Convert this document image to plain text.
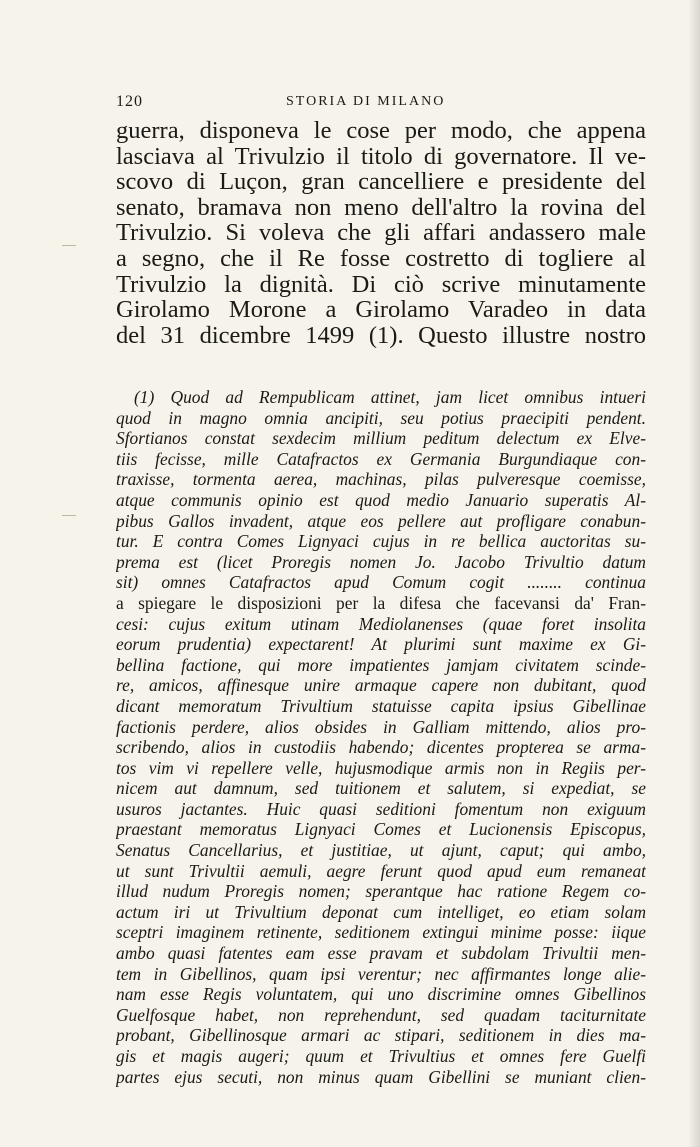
120	STORIA DI MILANO
guerra, disponeva le cose per modo, che appena
lasciava al Trivulzio il titolo di governatore. Il ve-
scovo di Luçon, gran cancelliere e presidente del
senato, bramava non meno dell'altro la rovina del
Trivulzio. Si voleva che gli affari andassero male
a segno, che il Re fosse costretto di togliere al
Trivulzio la dignità. Di ciò scrive minutamente
Girolamo Morone a Girolamo Varadeo in data
del 31 dicembre 1499 (1). Questo illustre nostro
(1) Quod ad Rempublicam attinet, jam licet omnibus intueri
quod in magno omnia ancipiti, seu potius praecipiti pendent.
Sfortianos constat sexdecim millium peditum delectum ex Elve-
tiis fecisse, mille Catafractos ex Germania Burgundiaque con-
traxisse, tormenta aerea, machinas, pilas pulveresque coemisse,
atque communis opinio est quod medio Januario superatis Al-
pibus Gallos invadent, atque eos pellere aut profligare conabun-
tur. E contra Comes Lignyaci cujus in re bellica auctoritas su-
prema est (licet Proregis nomen Jo. Jacobo Trivultio datum
sit) omnes Catafractos apud Comum cogit ........ continua
a spiegare le disposizioni per la difesa che facevansi da' Fran-
cesi: cujus exitum utinam Mediolanenses (quae foret insolita
eorum prudentia) expectarent! At plurimi sunt maxime ex Gi-
bellina factione, qui more impatientes jamjam civitatem scinde-
re, amicos, affinesque unire armaque capere non dubitant, quod
dicant memoratum Trivultium statuisse capita ipsius Gibellinae
factionis perdere, alios obsides in Galliam mittendo, alios pro-
scribendo, alios in custodiis habendo; dicentes propterea se arma-
tos vim vi repellere velle, hujusmodique armis non in Regiis per-
nicem aut damnum, sed tuitionem et salutem, si expediat, se
usuros jactantes. Huic quasi seditioni fomentum non exiguum
praestant memoratus Lignyaci Comes et Lucionensis Episcopus,
Senatus Cancellarius, et justitiae, ut ajunt, caput; qui ambo,
ut sunt Trivultii aemuli, aegre ferunt quod apud eum remaneat
illud nudum Proregis nomen; sperantque hac ratione Regem co-
actum iri ut Trivultium deponat cum intelliget, eo etiam solam
sceptri imaginem retinente, seditionem extingui minime posse: iique
ambo quasi fatentes eam esse pravam et subdolam Trivultii men-
tem in Gibellinos, quam ipsi verentur; nec affirmantes longe alie-
nam esse Regis voluntatem, qui uno discrimine omnes Gibellinos
Guelfosque habet, non reprehendunt, sed quadam taciturnitate
probant, Gibellinosque armari ac stipari, seditionem in dies ma-
gis et magis augeri; quum et Trivultius et omnes fere Guelfi
partes ejus secuti, non minus quam Gibellini se muniant clien-
